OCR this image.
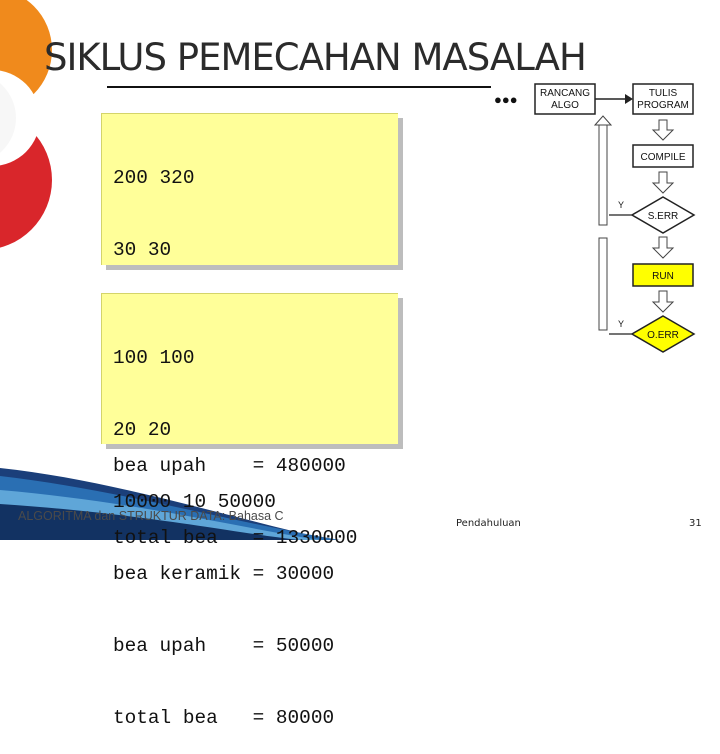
SIKLUS PEMECAHAN MASALAH

200 320

30 30

bea upah    = 480000

total bea   = 1330000

100 100

20 20

10000 10 50000

bea keramik = 30000

bea upah    = 50000

total bea   = 80000

●●● RANCANG
ALGO
TULIS
PROGRAM
COMPILE
S.ERR
Y
RUN
O.ERR
Y
ALGORITMA dan STRUKTUR DATA: Bahasa C
Pendahuluan	31
